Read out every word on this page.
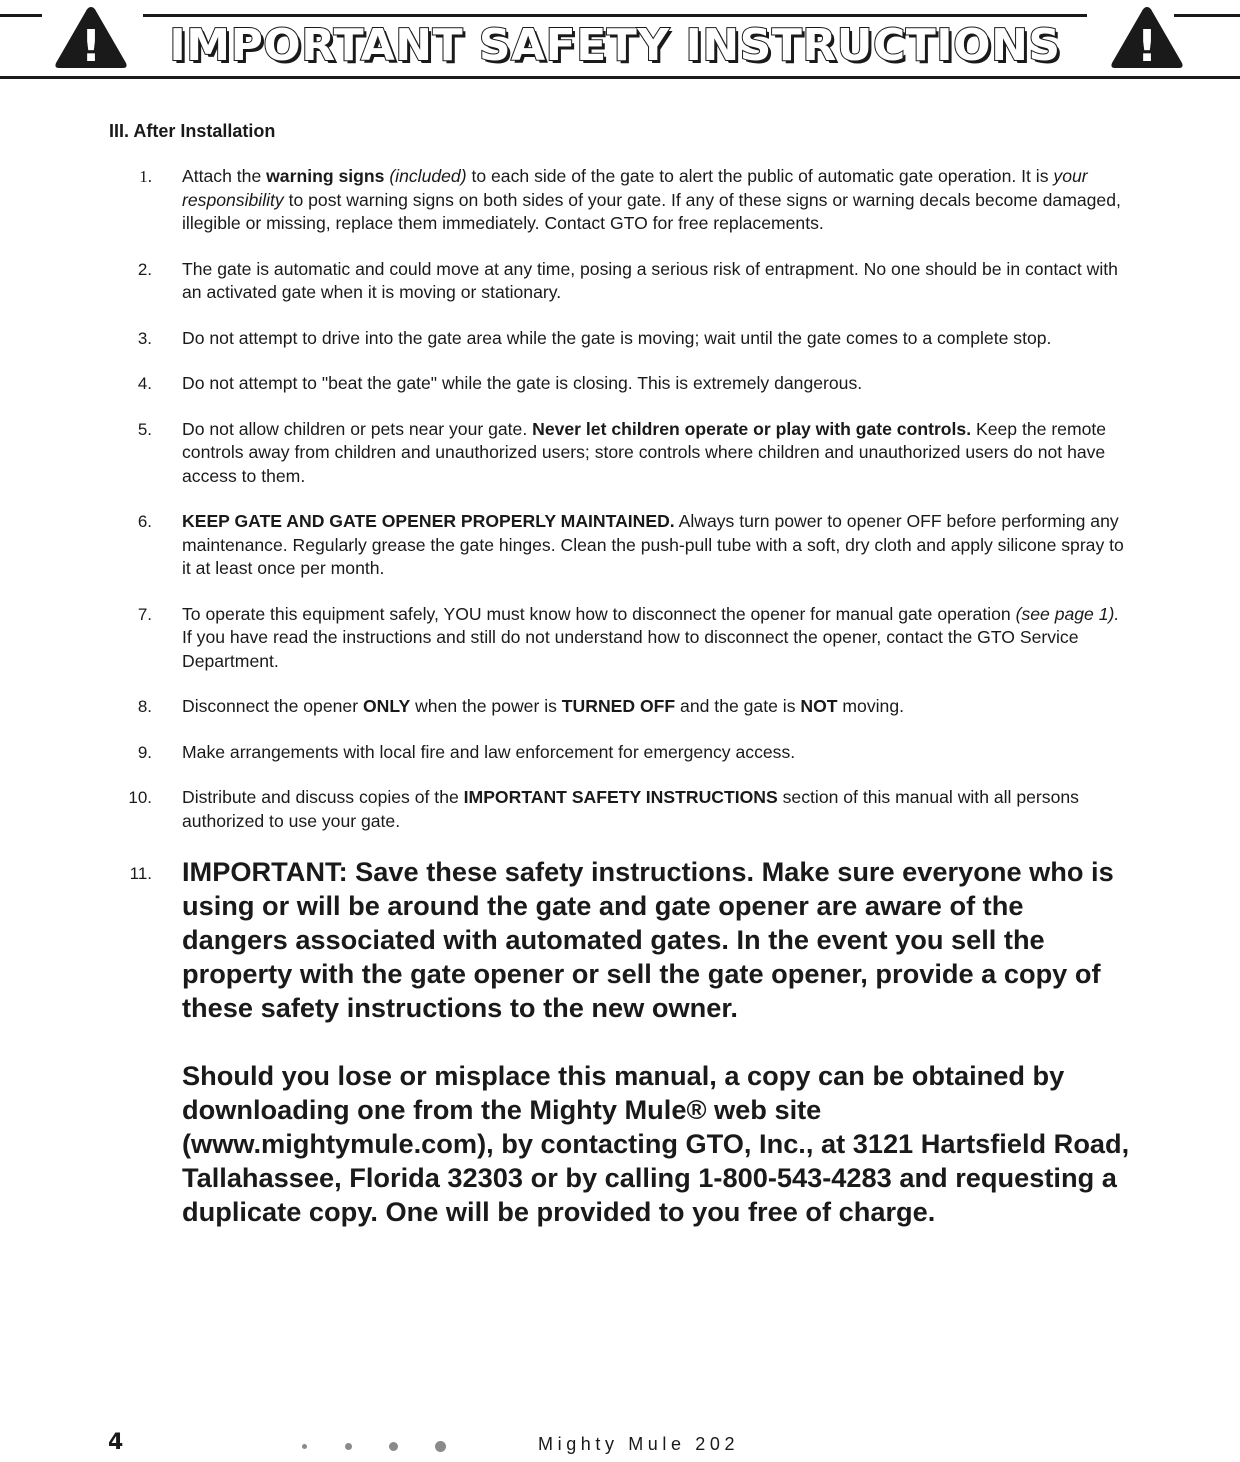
!	IMPORTANT SAFETY INSTRUCTIONS	!
III. After Installation
1. Attach the warning signs (included) to each side of the gate to alert the public of automatic gate operation. It is your responsibility to post warning signs on both sides of your gate. If any of these signs or warning decals become damaged, illegible or missing, replace them immediately. Contact GTO for free replacements.
2. The gate is automatic and could move at any time, posing a serious risk of entrapment. No one should be in contact with an activated gate when it is moving or stationary.
3. Do not attempt to drive into the gate area while the gate is moving; wait until the gate comes to a complete stop.
4. Do not attempt to "beat the gate" while the gate is closing. This is extremely dangerous.
5. Do not allow children or pets near your gate. Never let children operate or play with gate controls. Keep the remote controls away from children and unauthorized users; store controls where children and unauthorized users do not have access to them.
6. KEEP GATE AND GATE OPENER PROPERLY MAINTAINED. Always turn power to opener OFF before performing any maintenance. Regularly grease the gate hinges. Clean the push-pull tube with a soft, dry cloth and apply silicone spray to it at least once per month.
7. To operate this equipment safely, YOU must know how to disconnect the opener for manual gate operation (see page 1). If you have read the instructions and still do not understand how to disconnect the opener, contact the GTO Service Department.
8. Disconnect the opener ONLY when the power is TURNED OFF and the gate is NOT moving.
9. Make arrangements with local fire and law enforcement for emergency access.
10. Distribute and discuss copies of the IMPORTANT SAFETY INSTRUCTIONS section of this manual with all persons authorized to use your gate.
11. IMPORTANT: Save these safety instructions. Make sure everyone who is using or will be around the gate and gate opener are aware of the dangers associated with automated gates. In the event you sell the property with the gate opener or sell the gate opener, provide a copy of these safety instructions to the new owner.

Should you lose or misplace this manual, a copy can be obtained by downloading one from the Mighty Mule® web site (www.mightymule.com), by contacting GTO, Inc., at 3121 Hartsfield Road, Tallahassee, Florida 32303 or by calling 1-800-543-4283 and requesting a duplicate copy. One will be provided to you free of charge.

4	Mighty Mule 202
